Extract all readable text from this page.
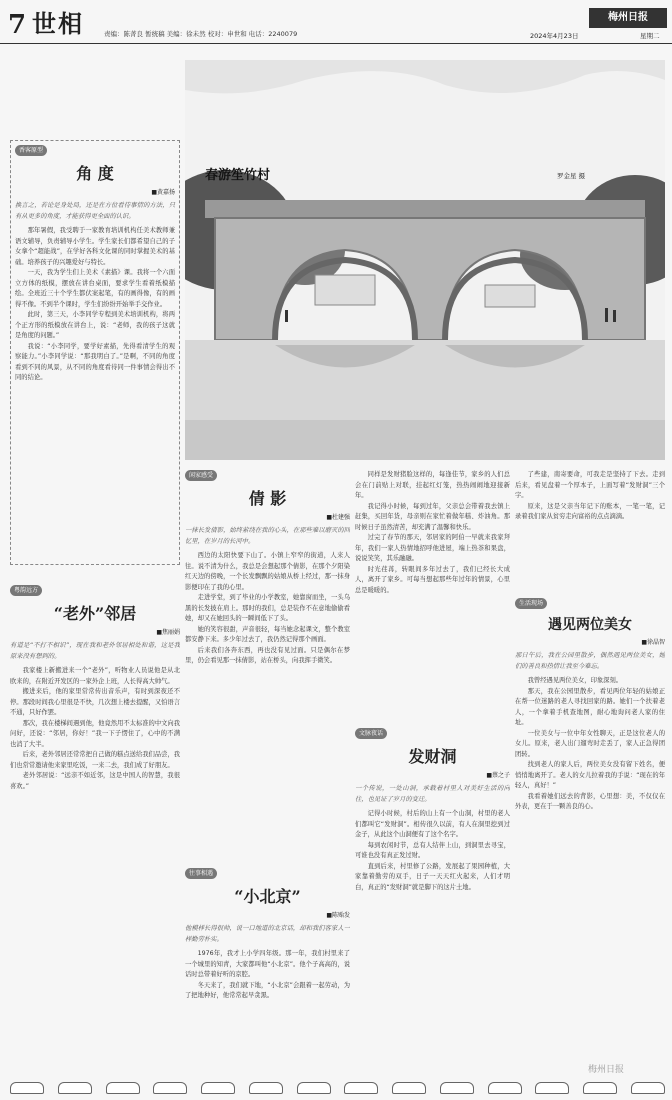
7 世相	责编：陈菁良 暂统稿 美编：徐未然 校对：申世和 电话：2240079
梅州日报
2024年4月23日	星期二
春游笙竹村	罗金星 摄
香客原型
角 度
■黄嘉扬

换言之，若论是身处局，还是在方位看待事情的方法，只有从更多的角度，才能获得更全面的认识。

那年暑假，我受聘于一家教育培训机构任美术教师兼语文辅导，负责辅导小学生。学生家长们都希望自己的子女拿个“超能战”，在学好各科文化课的同时掌握美术的基础。培养孩子的兴趣爱好与特长。

一天，我为学生们上美术《素描》课。我将一个六面立方体的纸模，摆放在讲台桌面，要求学生看着纸模描绘。全班近三十个学生都伏案起笔，有的画得像，有的画得不像。不到半个课时，学生们纷纷开始举手交作业。

此时，第三天，小李同学专程到美术培训机构，将两个正方形的纸模放在讲台上，说：“老师，我的孩子这就是角度的问题。”

我说：“小李同学，要学好素描，先得看清学生的观察能力。”小李同学说：“那我明白了。”是啊，不同的角度看到不同的风景，从不同的角度看待同一件事情会得出不同的结论。

粤韵远方
“老外”邻居
■焦丽娟

有道是“不打不相识”，现在我和老外邻居相处和谐，这是我原来没有想到的。

我家楼上新搬进来一个“老外”，听物业人员说他是从北欧来的，在附近开发区的一家外企上班，人长得高大帅气。

搬进来后，他的家里常常传出音乐声，有时到深夜还不停。那段时间我心里很是不快，几次想上楼去提醒，又怕语言不通，只好作罢。

那次，我在楼梯间遇到他，他竟然用不太标准的中文向我问好，还说：“邻居，你好！”我一下子愣住了，心中的不满也消了大半。

后来，老外邻居还常常把自己做的糕点送给我们品尝，我们也常常邀请他来家里吃饭，一来二去，我们成了好朋友。

老外邻居说：“远亲不如近邻，这是中国人的智慧，我很喜欢。”

闲家感受
倩 影
■杜建强

一抹长发倩影，始终萦绕在我的心头，在那些难以磨灭的回忆里，在岁月的长河中。

西边的太阳快要下山了。小镇上窄窄的街道，人来人往。说不清为什么，我总是会想起那个倩影，在那个夕阳染红天边的傍晚，一个长发飘飘的姑娘从桥上经过，那一抹身影便印在了我的心里。

走进学堂，到了毕业的小学教室，她靠窗而坐，一头乌黑的长发披在肩上。那时的我们，总是装作不在意地偷偷看她，却又在她回头的一瞬间低下了头。

她的笑容很甜，声音很轻，每当她念起课文，整个教室都安静下来。多少年过去了，我仍然记得那个画面。

后来我们各奔东西，再也没有见过面。只是偶尔在梦里，仍会看见那一抹倩影，站在桥头，向我挥手微笑。

往事相遇
“小北京”
■陈贻发

他模样长得很帅，说一口地道的北京话，却和我们客家人一样勤劳朴实。

1976年，我才上小学四年级。那一年，我们村里来了一个城里的知青，大家都叫他“小北京”。他个子高高的，说话时总带着好听的京腔。

冬天来了，我们就下地，“小北京”会跟着一起劳动，为了把地种好，他常常起早贪黑。

同样是发财猪脸这样的，每逢佳节，家乡的人们总会在门前贴上对联，挂起红灯笼，热热闹闹地迎接新年。

我记得小时候，每到过年，父亲总会带着我去镇上赶集，买回年货，母亲则在家忙着做年糕、炸油角。那时候日子虽然清苦，却充满了温馨和快乐。

过完了春节的那天，邻居家的阿伯一早就来我家拜年，我们一家人热情地招呼他进屋，端上热茶和果盘，说说笑笑，其乐融融。

时光荏苒，转眼间多年过去了，我们已经长大成人，离开了家乡。可每当想起那些年过年的情景，心里总是暖暖的。

文脉夜话
发财洞
■蔡之子

一个传说，一处山洞，承载着村里人对美好生活的向往，也见证了岁月的变迁。

记得小时候，村后的山上有一个山洞，村里的老人们都叫它“发财洞”。相传很久以前，有人在洞里挖到过金子，从此这个山洞便有了这个名字。

每到农闲时节，总有人结伴上山，到洞里去寻宝，可谁也没有真正发过财。

直到后来，村里修了公路，发展起了果园种植，大家靠着勤劳的双手，日子一天天红火起来，人们才明白，真正的“发财洞”就是脚下的这片土地。

了些建，南寄要命，可我走是坚持了下去。走到后来，看见盘着一个厚本子，上面写着“发财洞”三个字。

原来，这是父亲当年记下的账本，一笔一笔，记录着我们家从贫穷走向富裕的点点滴滴。

生活现场
遇见两位美女
■徐晶智

那日午后，我在公园里散步，偶然遇见两位美女，她们的善良和热情让我至今难忘。

我曾经遇见两位美女，印象深刻。

那天，我在公园里散步，看见两位年轻的姑娘正在帮一位迷路的老人寻找回家的路。她们一个扶着老人，一个拿着手机查地图，耐心地询问老人家的住址。

一位美女与一位中年女性聊天，正是这位老人的女儿。原来，老人出门遛弯时走丢了，家人正急得团团转。

找到老人的家人后，两位美女没有留下姓名，便悄悄地离开了。老人的女儿拉着我的手说：“现在的年轻人，真好！”

我看着她们远去的背影，心里想：美，不仅仅在外表，更在于一颗善良的心。

梅州日报
